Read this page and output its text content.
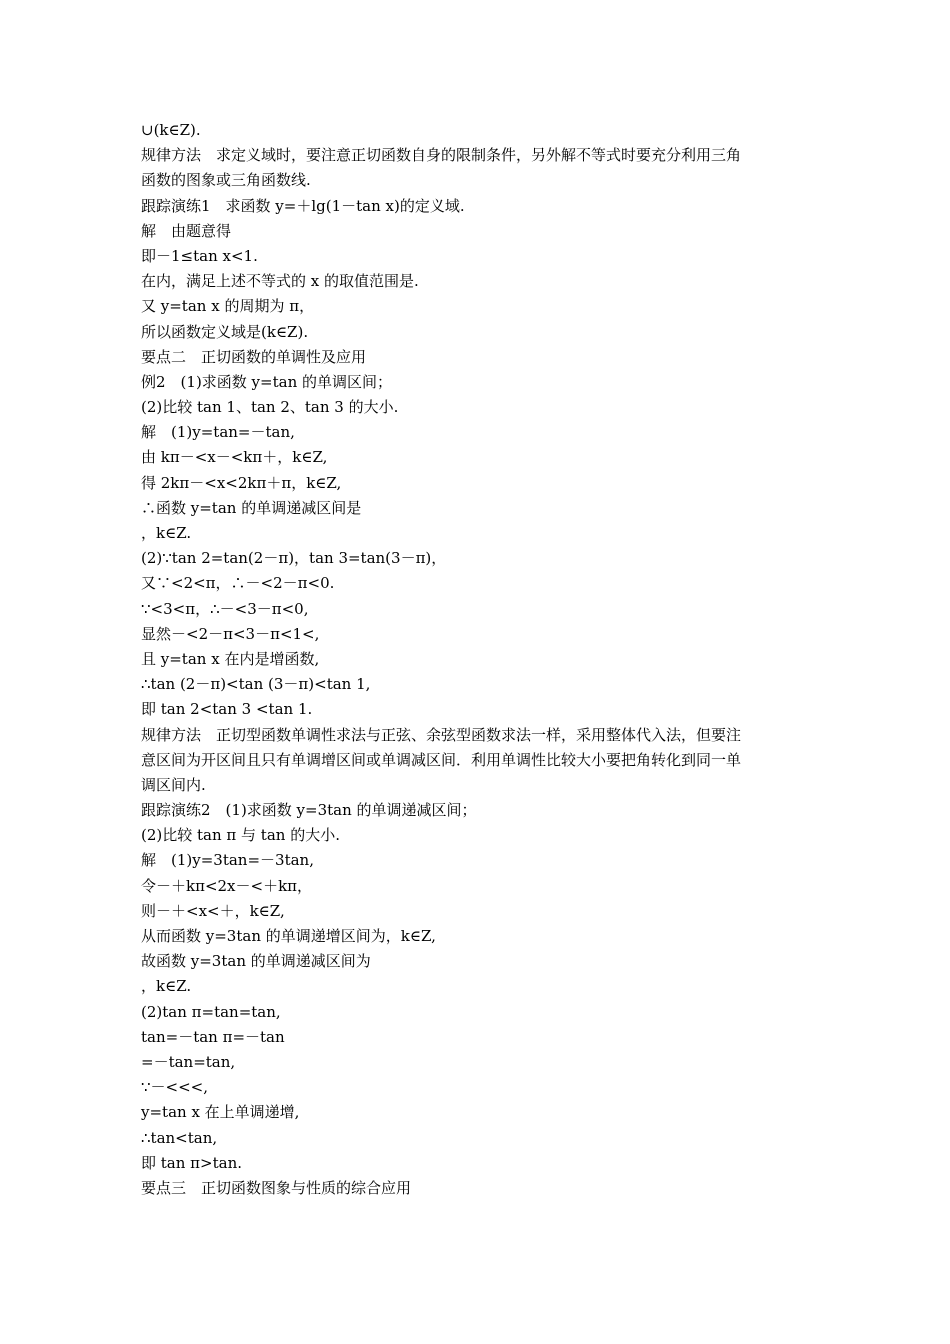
∪(k∈Z).
规律方法　求定义域时，要注意正切函数自身的限制条件，另外解不等式时要充分利用三角
函数的图象或三角函数线.
跟踪演练1　求函数 y=＋lg(1－tan x)的定义域.
解　由题意得
即－1≤tan x<1.
在内，满足上述不等式的 x 的取值范围是.
又 y=tan x 的周期为 π，
所以函数定义域是(k∈Z).
要点二　正切函数的单调性及应用
例2　(1)求函数 y=tan 的单调区间；
(2)比较 tan 1、tan 2、tan 3 的大小.
解　(1)y=tan=－tan,
由 kπ－<x－<kπ＋，k∈Z,
得 2kπ－<x<2kπ＋π，k∈Z,
∴函数 y=tan 的单调递减区间是
，k∈Z.
(2)∵tan 2=tan(2－π)，tan 3=tan(3－π)，
又∵<2<π，∴－<2－π<0.
∵<3<π，∴－<3－π<0,
显然－<2－π<3－π<1<,
且 y=tan x 在内是增函数,
∴tan (2－π)<tan (3－π)<tan 1,
即 tan 2<tan 3 <tan 1.
规律方法　正切型函数单调性求法与正弦、余弦型函数求法一样，采用整体代入法，但要注
意区间为开区间且只有单调增区间或单调减区间．利用单调性比较大小要把角转化到同一单
调区间内.
跟踪演练2　(1)求函数 y=3tan 的单调递减区间；
(2)比较 tan π 与 tan 的大小.
解　(1)y=3tan=－3tan,
令－＋kπ<2x－<＋kπ，
则－＋<x<＋，k∈Z,
从而函数 y=3tan 的单调递增区间为，k∈Z,
故函数 y=3tan 的单调递减区间为
，k∈Z.
(2)tan π=tan=tan,
tan=－tan π=－tan
=－tan=tan,
∵－<<<,
y=tan x 在上单调递增,
∴tan<tan,
即 tan π>tan.
要点三　正切函数图象与性质的综合应用
